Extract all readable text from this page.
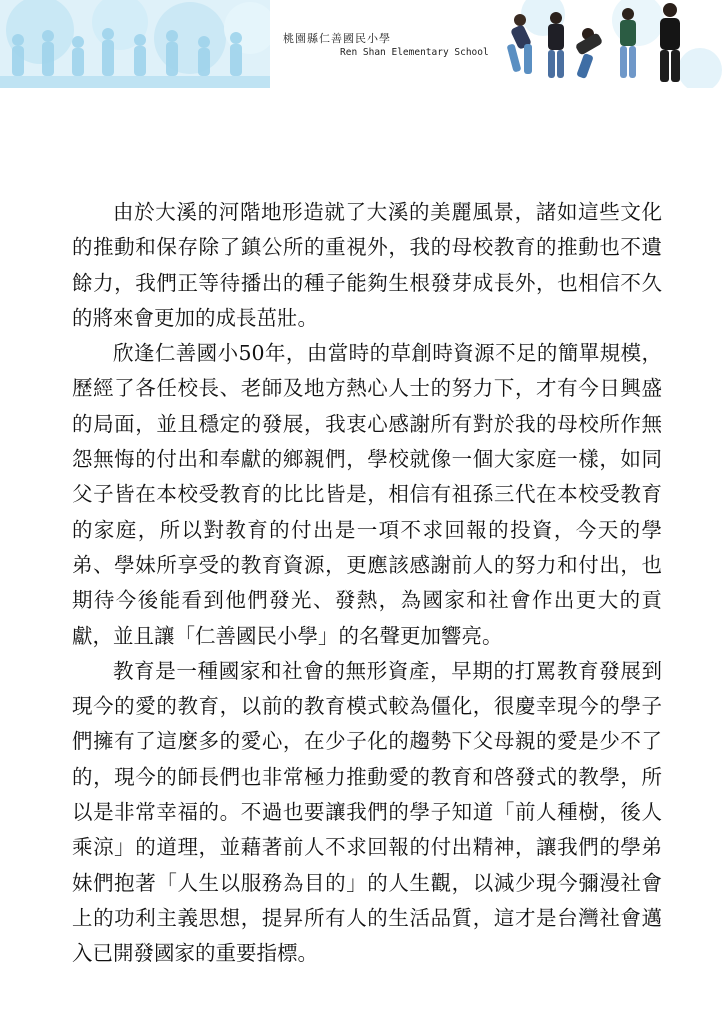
桃園縣仁善國民小學
Ren Shan Elementary School

由於大溪的河階地形造就了大溪的美麗風景，諸如這些文化的推動和保存除了鎮公所的重視外，我的母校教育的推動也不遺餘力，我們正等待播出的種子能夠生根發芽成長外，也相信不久的將來會更加的成長茁壯。

欣逢仁善國小50年，由當時的草創時資源不足的簡單規模，歷經了各任校長、老師及地方熱心人士的努力下，才有今日興盛的局面，並且穩定的發展，我衷心感謝所有對於我的母校所作無怨無悔的付出和奉獻的鄉親們，學校就像一個大家庭一樣，如同父子皆在本校受教育的比比皆是，相信有祖孫三代在本校受教育的家庭，所以對教育的付出是一項不求回報的投資，今天的學弟、學妹所享受的教育資源，更應該感謝前人的努力和付出，也期待今後能看到他們發光、發熱，為國家和社會作出更大的貢獻，並且讓「仁善國民小學」的名聲更加響亮。

教育是一種國家和社會的無形資產，早期的打罵教育發展到現今的愛的教育，以前的教育模式較為僵化，很慶幸現今的學子們擁有了這麼多的愛心，在少子化的趨勢下父母親的愛是少不了的，現今的師長們也非常極力推動愛的教育和啓發式的教學，所以是非常幸福的。不過也要讓我們的學子知道「前人種樹，後人乘涼」的道理，並藉著前人不求回報的付出精神，讓我們的學弟妹們抱著「人生以服務為目的」的人生觀，以減少現今彌漫社會上的功利主義思想，提昇所有人的生活品質，這才是台灣社會邁入已開發國家的重要指標。
